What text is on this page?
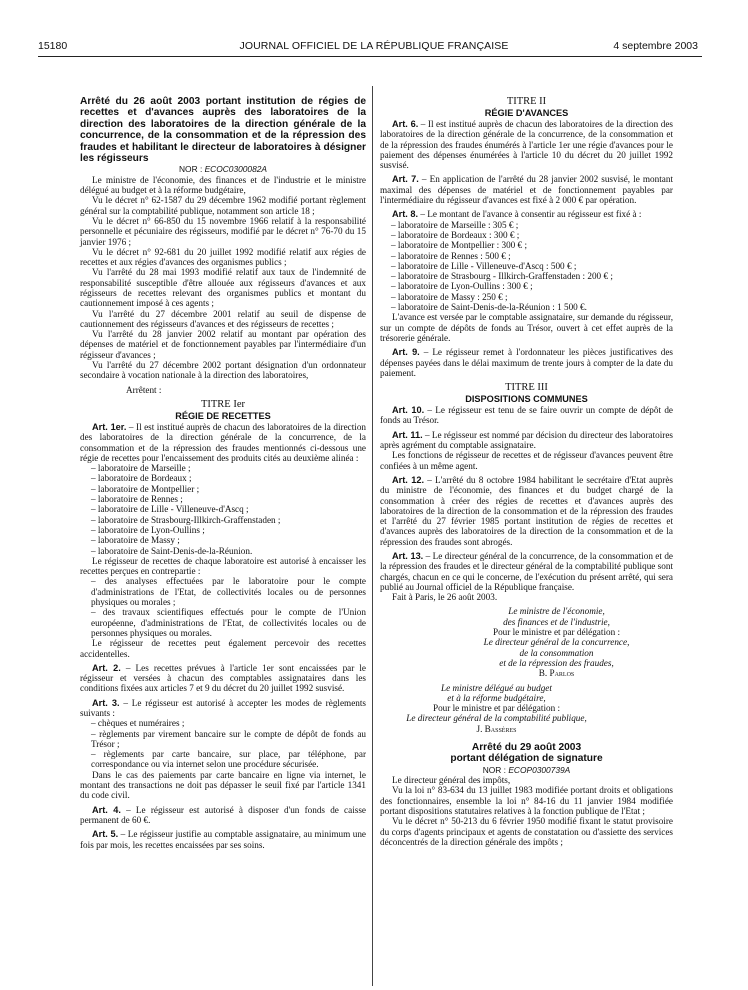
15180	JOURNAL OFFICIEL DE LA RÉPUBLIQUE FRANÇAISE	4 septembre 2003

Arrêté du 26 août 2003 portant institution de régies de recettes et d'avances auprès des laboratoires de la direction des laboratoires de la direction générale de la concurrence, de la consommation et de la répression des fraudes et habilitant le directeur de laboratoires à désigner les régisseurs

NOR : ECOC0300082A

Le ministre de l'économie, des finances et de l'industrie et le ministre délégué au budget et à la réforme budgétaire,

Vu le décret n° 62-1587 du 29 décembre 1962 modifié portant règlement général sur la comptabilité publique, notamment son article 18 ;

Vu le décret n° 66-850 du 15 novembre 1966 relatif à la responsabilité personnelle et pécuniaire des régisseurs, modifié par le décret n° 76-70 du 15 janvier 1976 ;

Vu le décret n° 92-681 du 20 juillet 1992 modifié relatif aux régies de recettes et aux régies d'avances des organismes publics ;

Vu l'arrêté du 28 mai 1993 modifié relatif aux taux de l'indemnité de responsabilité susceptible d'être allouée aux régisseurs d'avances et aux régisseurs de recettes relevant des organismes publics et montant du cautionnement imposé à ces agents ;

Vu l'arrêté du 27 décembre 2001 relatif au seuil de dispense de cautionnement des régisseurs d'avances et des régisseurs de recettes ;

Vu l'arrêté du 28 janvier 2002 relatif au montant par opération des dépenses de matériel et de fonctionnement payables par l'intermédiaire d'un régisseur d'avances ;

Vu l'arrêté du 27 décembre 2002 portant désignation d'un ordonnateur secondaire à vocation nationale à la direction des laboratoires,

Arrêtent :

TITRE Ier

RÉGIE DE RECETTES

Art. 1er. – Il est institué auprès de chacun des laboratoires de la direction des laboratoires de la direction générale de la concurrence, de la consommation et de la répression des fraudes mentionnés ci-dessous une régie de recettes pour l'encaissement des produits cités au deuxième alinéa :

– laboratoire de Marseille ;

– laboratoire de Bordeaux ;

– laboratoire de Montpellier ;

– laboratoire de Rennes ;

– laboratoire de Lille - Villeneuve-d'Ascq ;

– laboratoire de Strasbourg-Illkirch-Graffenstaden ;

– laboratoire de Lyon-Oullins ;

– laboratoire de Massy ;

– laboratoire de Saint-Denis-de-la-Réunion.

Le régisseur de recettes de chaque laboratoire est autorisé à encaisser les recettes perçues en contrepartie :

– des analyses effectuées par le laboratoire pour le compte d'administrations de l'Etat, de collectivités locales ou de personnes physiques ou morales ;

– des travaux scientifiques effectués pour le compte de l'Union européenne, d'administrations de l'Etat, de collectivités locales ou de personnes physiques ou morales.

Le régisseur de recettes peut également percevoir des recettes accidentelles.

Art. 2. – Les recettes prévues à l'article 1er sont encaissées par le régisseur et versées à chacun des comptables assignataires dans les conditions fixées aux articles 7 et 9 du décret du 20 juillet 1992 susvisé.

Art. 3. – Le régisseur est autorisé à accepter les modes de règlements suivants :

– chèques et numéraires ;

– règlements par virement bancaire sur le compte de dépôt de fonds au Trésor ;

– règlements par carte bancaire, sur place, par téléphone, par correspondance ou via internet selon une procédure sécurisée.

Dans le cas des paiements par carte bancaire en ligne via internet, le montant des transactions ne doit pas dépasser le seuil fixé par l'article 1341 du code civil.

Art. 4. – Le régisseur est autorisé à disposer d'un fonds de caisse permanent de 60 €.

Art. 5. – Le régisseur justifie au comptable assignataire, au minimum une fois par mois, les recettes encaissées par ses soins.

TITRE II

RÉGIE D'AVANCES

Art. 6. – Il est institué auprès de chacun des laboratoires de la direction des laboratoires de la direction générale de la concurrence, de la consommation et de la répression des fraudes énumérés à l'article 1er une régie d'avances pour le paiement des dépenses énumérées à l'article 10 du décret du 20 juillet 1992 susvisé.

Art. 7. – En application de l'arrêté du 28 janvier 2002 susvisé, le montant maximal des dépenses de matériel et de fonctionnement payables par l'intermédiaire du régisseur d'avances est fixé à 2 000 € par opération.

Art. 8. – Le montant de l'avance à consentir au régisseur est fixé à :

– laboratoire de Marseille : 305 € ;

– laboratoire de Bordeaux : 300 € ;

– laboratoire de Montpellier : 300 € ;

– laboratoire de Rennes : 500 € ;

– laboratoire de Lille - Villeneuve-d'Ascq : 500 € ;

– laboratoire de Strasbourg - Illkirch-Graffenstaden : 200 € ;

– laboratoire de Lyon-Oullins : 300 € ;

– laboratoire de Massy : 250 € ;

– laboratoire de Saint-Denis-de-la-Réunion : 1 500 €.

L'avance est versée par le comptable assignataire, sur demande du régisseur, sur un compte de dépôts de fonds au Trésor, ouvert à cet effet auprès de la trésorerie générale.

Art. 9. – Le régisseur remet à l'ordonnateur les pièces justificatives des dépenses payées dans le délai maximum de trente jours à compter de la date du paiement.

TITRE III

DISPOSITIONS COMMUNES

Art. 10. – Le régisseur est tenu de se faire ouvrir un compte de dépôt de fonds au Trésor.

Art. 11. – Le régisseur est nommé par décision du directeur des laboratoires après agrément du comptable assignataire.

Les fonctions de régisseur de recettes et de régisseur d'avances peuvent être confiées à un même agent.

Art. 12. – L'arrêté du 8 octobre 1984 habilitant le secrétaire d'Etat auprès du ministre de l'économie, des finances et du budget chargé de la consommation à créer des régies de recettes et d'avances auprès des laboratoires de la direction de la consommation et de la répression des fraudes et l'arrêté du 27 février 1985 portant institution de régies de recettes et d'avances auprès des laboratoires de la direction de la consommation et de la répression des fraudes sont abrogés.

Art. 13. – Le directeur général de la concurrence, de la consommation et de la répression des fraudes et le directeur général de la comptabilité publique sont chargés, chacun en ce qui le concerne, de l'exécution du présent arrêté, qui sera publié au Journal officiel de la République française.

Fait à Paris, le 26 août 2003.

Le ministre de l'économie,

des finances et de l'industrie,

Pour le ministre et par délégation :

Le directeur général de la concurrence,

de la consommation

et de la répression des fraudes,

B. Parlos

Le ministre délégué au budget

et à la réforme budgétaire,

Pour le ministre et par délégation :

Le directeur général de la comptabilité publique,

J. Bassères

Arrêté du 29 août 2003

portant délégation de signature

NOR : ECOP0300739A

Le directeur général des impôts,

Vu la loi n° 83-634 du 13 juillet 1983 modifiée portant droits et obligations des fonctionnaires, ensemble la loi n° 84-16 du 11 janvier 1984 modifiée portant dispositions statutaires relatives à la fonction publique de l'Etat ;

Vu le décret n° 50-213 du 6 février 1950 modifié fixant le statut provisoire du corps d'agents principaux et agents de constatation ou d'assiette des services déconcentrés de la direction générale des impôts ;
